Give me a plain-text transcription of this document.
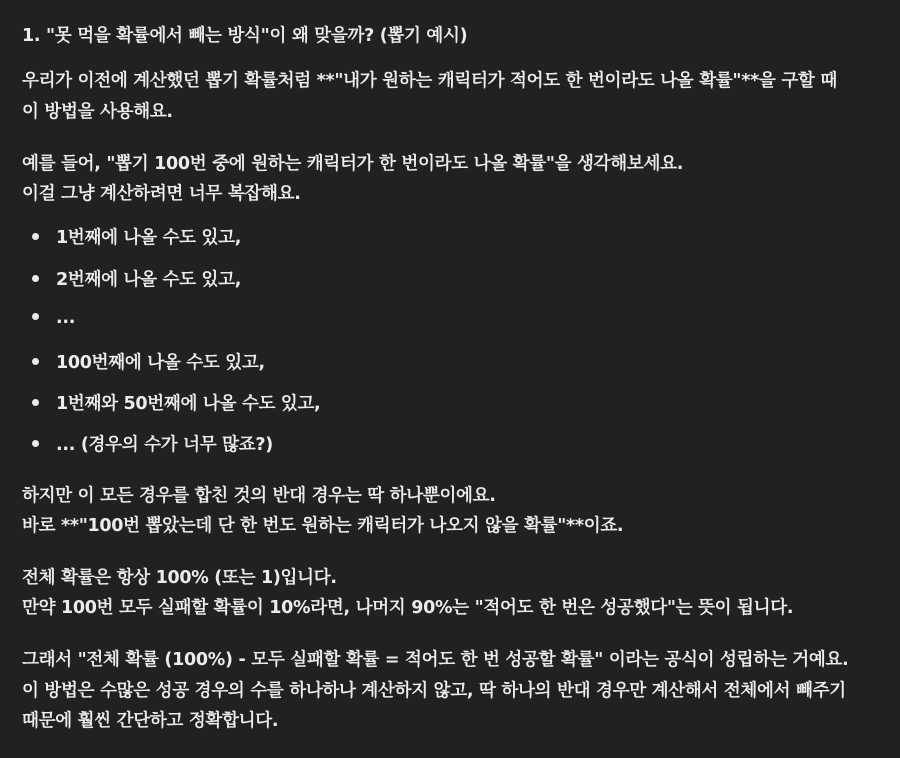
1. "못 먹을 확률에서 빼는 방식"이 왜 맞을까? (뽑기 예시)
우리가 이전에 계산했던 뽑기 확률처럼 **"내가 원하는 캐릭터가 적어도 한 번이라도 나올 확률"**을 구할 때
이 방법을 사용해요.
예를 들어, "뽑기 100번 중에 원하는 캐릭터가 한 번이라도 나올 확률"을 생각해보세요.
이걸 그냥 계산하려면 너무 복잡해요.
1번째에 나올 수도 있고,
2번째에 나올 수도 있고,
...
100번째에 나올 수도 있고,
1번째와 50번째에 나올 수도 있고,
... (경우의 수가 너무 많죠?)
하지만 이 모든 경우를 합친 것의 반대 경우는 딱 하나뿐이에요.
바로 **"100번 뽑았는데 단 한 번도 원하는 캐릭터가 나오지 않을 확률"**이죠.
전체 확률은 항상 100% (또는 1)입니다.
만약 100번 모두 실패할 확률이 10%라면, 나머지 90%는 "적어도 한 번은 성공했다"는 뜻이 됩니다.
그래서 "전체 확률 (100%) - 모두 실패할 확률 = 적어도 한 번 성공할 확률" 이라는 공식이 성립하는 거예요.
이 방법은 수많은 성공 경우의 수를 하나하나 계산하지 않고, 딱 하나의 반대 경우만 계산해서 전체에서 빼주기
때문에 훨씬 간단하고 정확합니다.
